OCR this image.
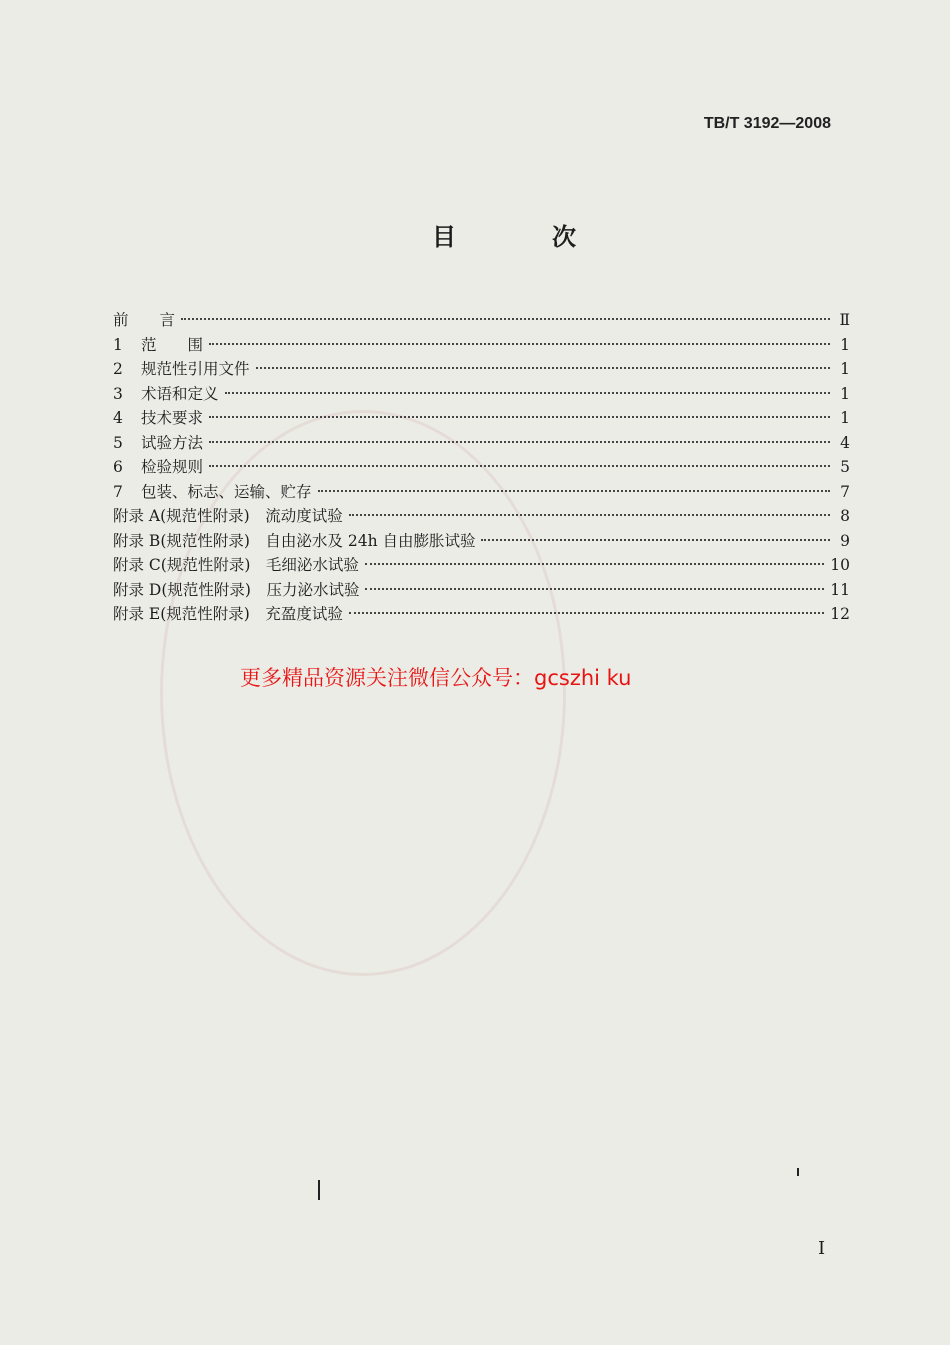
TB/T 3192—2008
目　次
前　　言	Ⅱ
1 范　　围	1
2 规范性引用文件	1
3 术语和定义	1
4 技术要求	1
5 试验方法	4
6 检验规则	5
7 包装、标志、运输、贮存	7
附录 A(规范性附录)　流动度试验	8
附录 B(规范性附录)　自由泌水及 24h 自由膨胀试验	9
附录 C(规范性附录)　毛细泌水试验	10
附录 D(规范性附录)　压力泌水试验	11
附录 E(规范性附录)　充盈度试验	12
更多精品资源关注微信公众号：gcszhi ku
I
